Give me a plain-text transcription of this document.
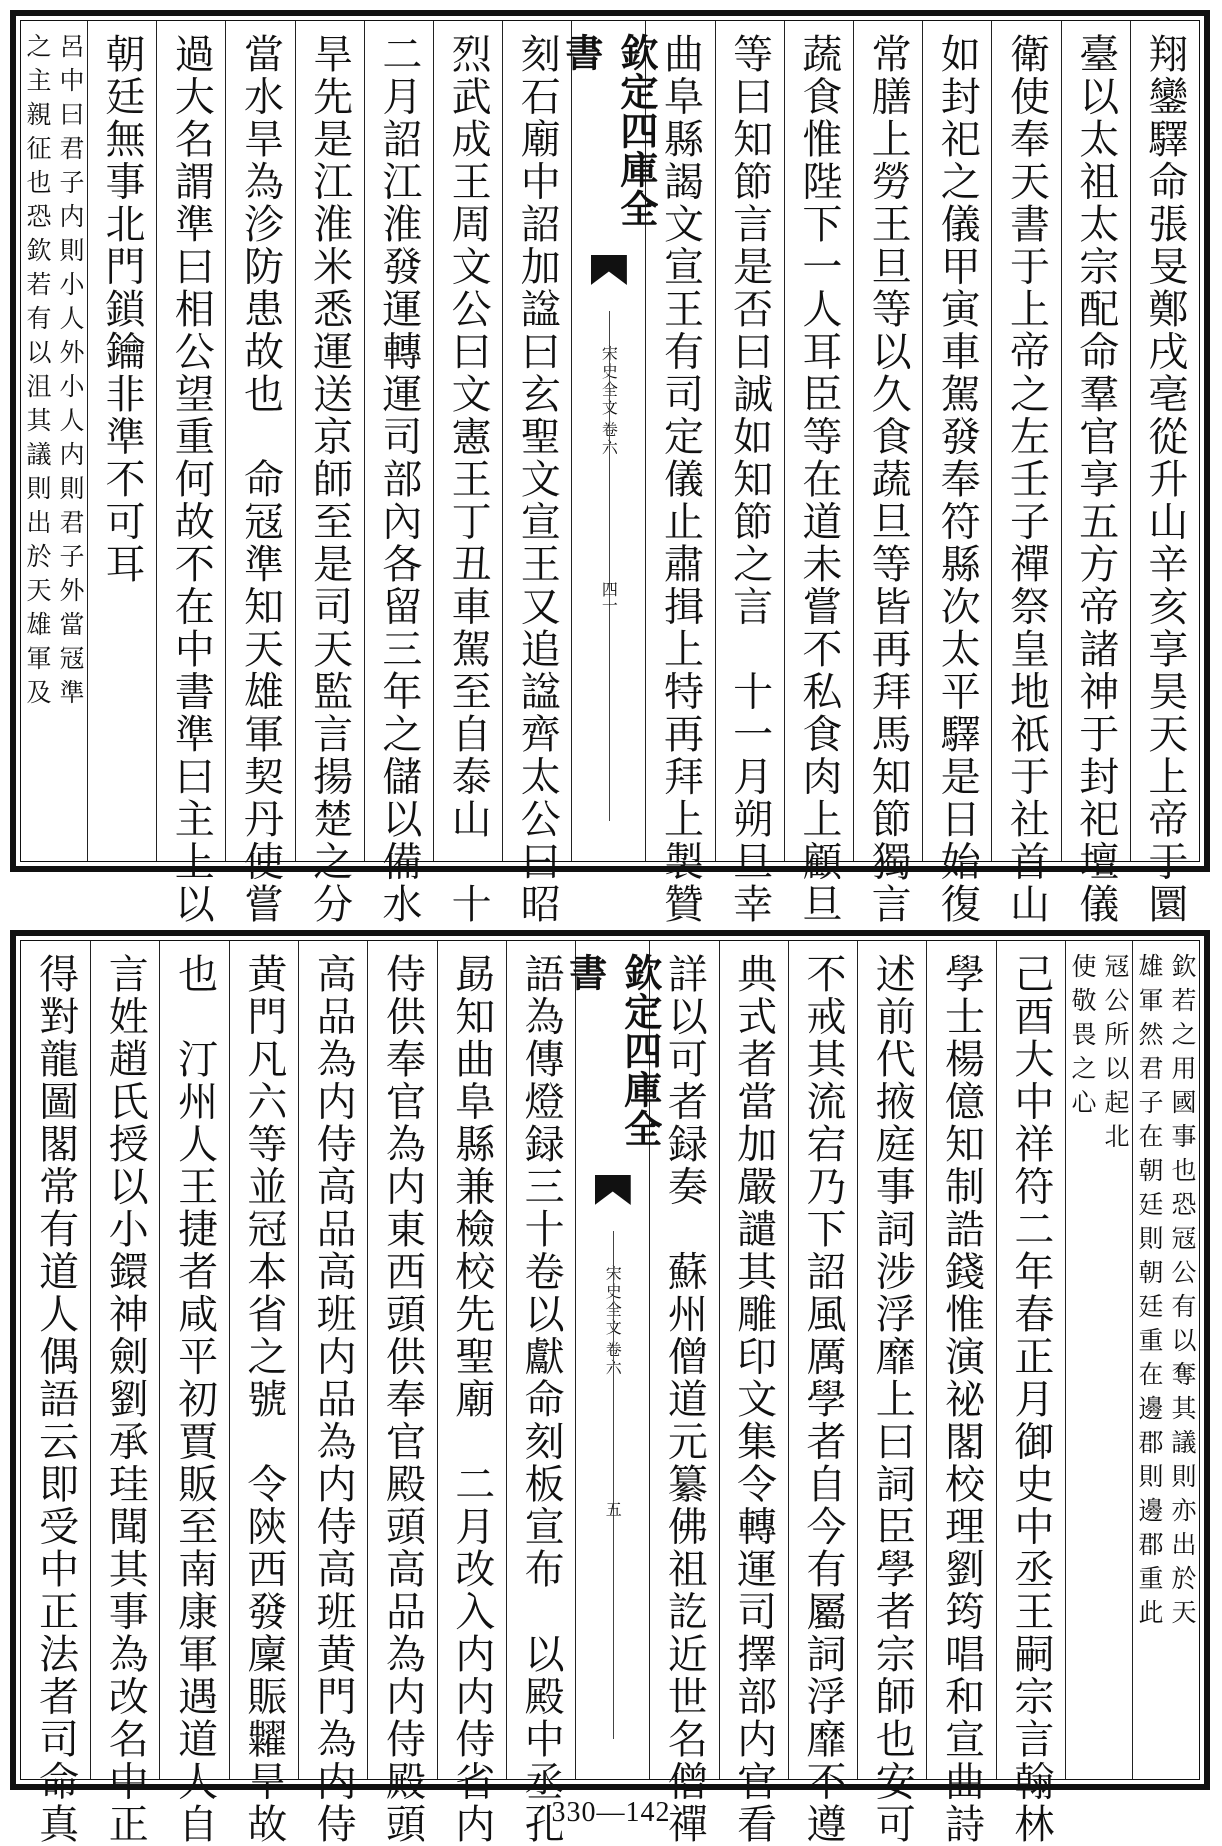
翔鑾驛命張旻鄭戌亳從升山辛亥享昊天上帝于圜
臺以太祖太宗配命羣官享五方帝諸神于封祀壇儀
衛使奉天書于上帝之左壬子禪祭皇地祇于社首山
如封祀之儀甲寅車駕發奉符縣次太平驛是日始復
常膳上勞王旦等以久食蔬旦等皆再拜馬知節獨言
蔬食惟陛下一人耳臣等在道未嘗不私食肉上顧旦
等曰知節言是否曰誠如知節之言　十一月朔旦幸
曲阜縣謁文宣王有司定儀止肅揖上特再拜上製贊
欽定四庫全書
宋史全文
卷六
四一
刻石廟中詔加諡曰玄聖文宣王又追諡齊太公曰昭
烈武成王周文公曰文憲王丁丑車駕至自泰山　十
二月詔江淮發運轉運司部內各留三年之儲以備水
旱先是江淮米悉運送京師至是司天監言揚楚之分
當水旱為沴防患故也　命冦準知天雄軍契丹使嘗
過大名謂準曰相公望重何故不在中書準曰主上以
朝廷無事北門鎖鑰非準不可耳
呂中曰君子内則小人外小人内則君子外當冦準
之主親征也恐欽若有以沮其議則出於天雄軍及
欽若之用國事也恐冦公有以奪其議則亦出於天
雄軍然君子在朝廷則朝廷重在邊郡則邊郡重此
冦公所以起北
使敬畏之心
己酉大中祥符二年春正月御史中丞王嗣宗言翰林
學士楊億知制誥錢惟演祕閣校理劉筠唱和宣曲詩
述前代掖庭事詞涉浮靡上曰詞臣學者宗師也安可
不戒其流宕乃下詔風厲學者自今有屬詞浮靡不遵
典式者當加嚴譴其雕印文集令轉運司擇部内官看
詳以可者録奏　蘇州僧道元纂佛祖訖近世名僧禪
欽定四庫全書
宋史全文
卷六
五
語為傳燈録三十卷以獻命刻板宣布　以殿中丞孔
勗知曲阜縣兼檢校先聖廟　二月改入内内侍省内
侍供奉官為内東西頭供奉官殿頭高品為内侍殿頭
高品為内侍高品高班内品為内侍高班黄門為内侍
黄門凡六等並冠本省之號　令陝西發廩賑糶旱故
也　汀州人王捷者咸平初賈販至南康軍遇道人自
言姓趙氏授以小鐶神劍劉承珪聞其事為改名中正
得對龍圖閣常有道人偶語云即受中正法者司命真	330—142
